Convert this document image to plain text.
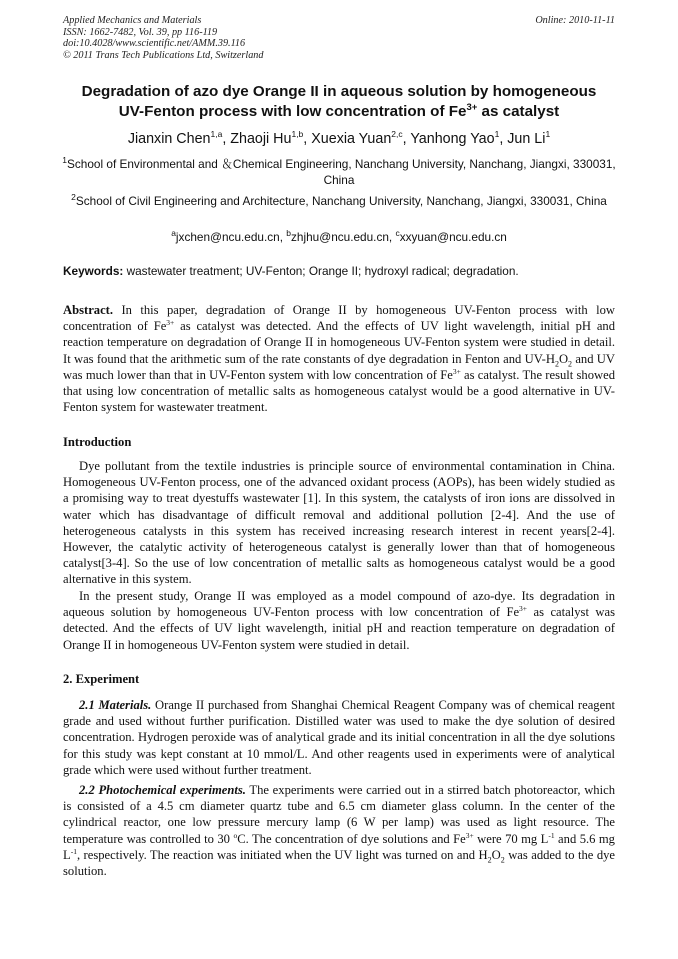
Applied Mechanics and Materials
ISSN: 1662-7482, Vol. 39, pp 116-119
doi:10.4028/www.scientific.net/AMM.39.116
© 2011 Trans Tech Publications Ltd, Switzerland
Online: 2010-11-11
Degradation of azo dye Orange II in aqueous solution by homogeneous
UV-Fenton process with low concentration of $Fe^{3+}$ as catalyst
Jianxin Chen$^{1,a}$, Zhaoji Hu$^{1,b}$, Xuexia Yuan$^{2,c}$, Yanhong Yao$^1$, Jun Li$^1$
$^1$School of Environmental and ＆Chemical Engineering, Nanchang University, Nanchang, Jiangxi, 330031, China
$^2$School of Civil Engineering and Architecture, Nanchang University, Nanchang, Jiangxi, 330031, China
$^a$jxchen@ncu.edu.cn, $^b$zhjhu@ncu.edu.cn, $^c$xxyuan@ncu.edu.cn
Keywords: wastewater treatment; UV-Fenton; Orange II; hydroxyl radical; degradation.
Abstract. In this paper, degradation of Orange II by homogeneous UV-Fenton process with low concentration of $Fe^{3+}$ as catalyst was detected. And the effects of UV light wavelength, initial pH and reaction temperature on degradation of Orange II in homogeneous UV-Fenton system were studied in detail. It was found that the arithmetic sum of the rate constants of dye degradation in Fenton and $UV-H_2O_2$ and UV was much lower than that in UV-Fenton system with low concentration of $Fe^{3+}$ as catalyst. The result showed that using low concentration of metallic salts as homogeneous catalyst would be a good alternative in UV-Fenton system for wastewater treatment.
Introduction
Dye pollutant from the textile industries is principle source of environmental contamination in China. Homogeneous UV-Fenton process, one of the advanced oxidant process (AOPs), has been widely studied as a promising way to treat dyestuffs wastewater [1]. In this system, the catalysts of iron ions are dissolved in water which has disadvantage of difficult removal and additional pollution [2-4]. And the use of heterogeneous catalysts in this system has received increasing research interest in recent years[2-4]. However, the catalytic activity of heterogeneous catalyst is generally lower than that of homogeneous catalyst[3-4]. So the use of low concentration of metallic salts as homogeneous catalyst would be a good alternative in this system.
In the present study, Orange II was employed as a model compound of azo-dye. Its degradation in aqueous solution by homogeneous UV-Fenton process with low concentration of $Fe^{3+}$ as catalyst was detected. And the effects of UV light wavelength, initial pH and reaction temperature on degradation of Orange II in homogeneous UV-Fenton system were studied in detail.
2. Experiment
2.1 Materials. Orange II purchased from Shanghai Chemical Reagent Company was of chemical reagent grade and used without further purification. Distilled water was used to make the dye solution of desired concentration. Hydrogen peroxide was of analytical grade and its initial concentration in all the dye solutions for this study was kept constant at 10 mmol/L. And other reagents used in experiments were of analytical grade which were used without further treatment.
2.2 Photochemical experiments. The experiments were carried out in a stirred batch photoreactor, which is consisted of a 4.5 cm diameter quartz tube and 6.5 cm diameter glass column. In the center of the cylindrical reactor, one low pressure mercury lamp (6 W per lamp) was used as light resource. The temperature was controlled to 30 $^o$C. The concentration of dye solutions and $Fe^{3+}$ were 70 mg $L^{-1}$ and 5.6 mg $L^{-1}$, respectively. The reaction was initiated when the UV light was turned on and $H_2O_2$ was added to the dye solution.
